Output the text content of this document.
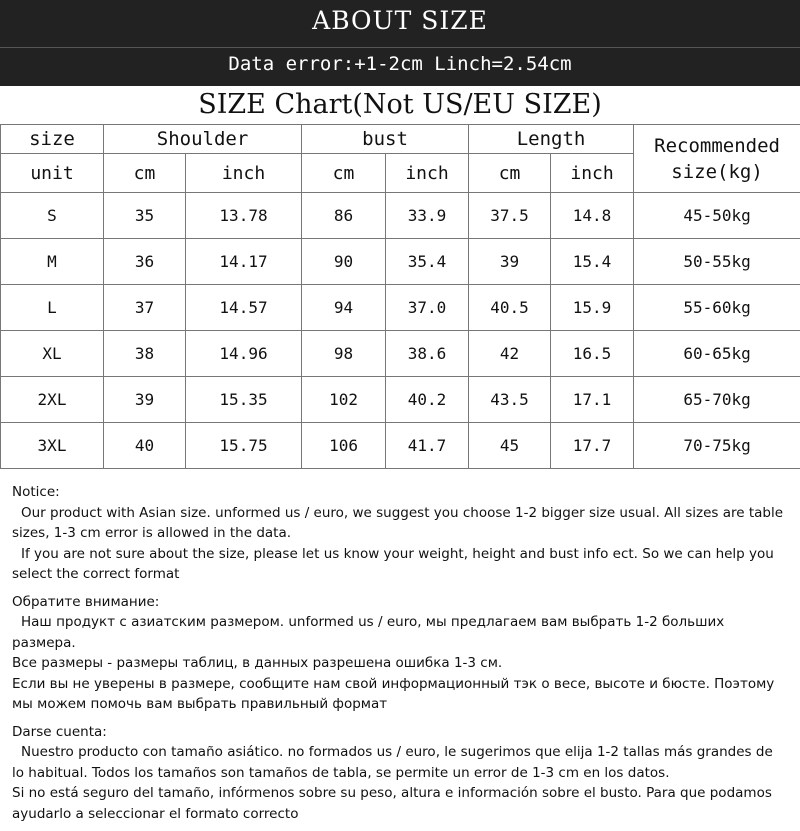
ABOUT SIZE
Data error:+1-2cm Linch=2.54cm
SIZE Chart(Not US/EU SIZE)
size	Shoulder		bust		Length		Recommended size(kg)
unit	cm	inch	cm	inch	cm	inch	
S	35	13.78	86	33.9	37.5	14.8	45-50kg
M	36	14.17	90	35.4	39	15.4	50-55kg
L	37	14.57	94	37.0	40.5	15.9	55-60kg
XL	38	14.96	98	38.6	42	16.5	60-65kg
2XL	39	15.35	102	40.2	43.5	17.1	65-70kg
3XL	40	15.75	106	41.7	45	17.7	70-75kg
Notice:
Our product with Asian size. unformed us / euro, we suggest you choose 1-2 bigger size usual. All sizes are table
sizes, 1-3 cm error is allowed in the data.
If you are not sure about the size, please let us know your weight, height and bust info ect. So we can help you
select the correct format
Обратите внимание:
Наш продукт с азиатским размером. unformed us / euro, мы предлагаем вам выбрать 1-2 больших размера.
Все размеры - размеры таблиц, в данных разрешена ошибка 1-3 см.
Если вы не уверены в размере, сообщите нам свой информационный тэк о весе, высоте и бюсте. Поэтому
мы можем помочь вам выбрать правильный формат
Darse cuenta:
Nuestro producto con tamaño asiático. no formados us / euro, le sugerimos que elija 1-2 tallas más grandes de
lo habitual. Todos los tamaños son tamaños de tabla, se permite un error de 1-3 cm en los datos.
Si no está seguro del tamaño, infórmenos sobre su peso, altura e información sobre el busto. Para que podamos
ayudarlo a seleccionar el formato correcto
